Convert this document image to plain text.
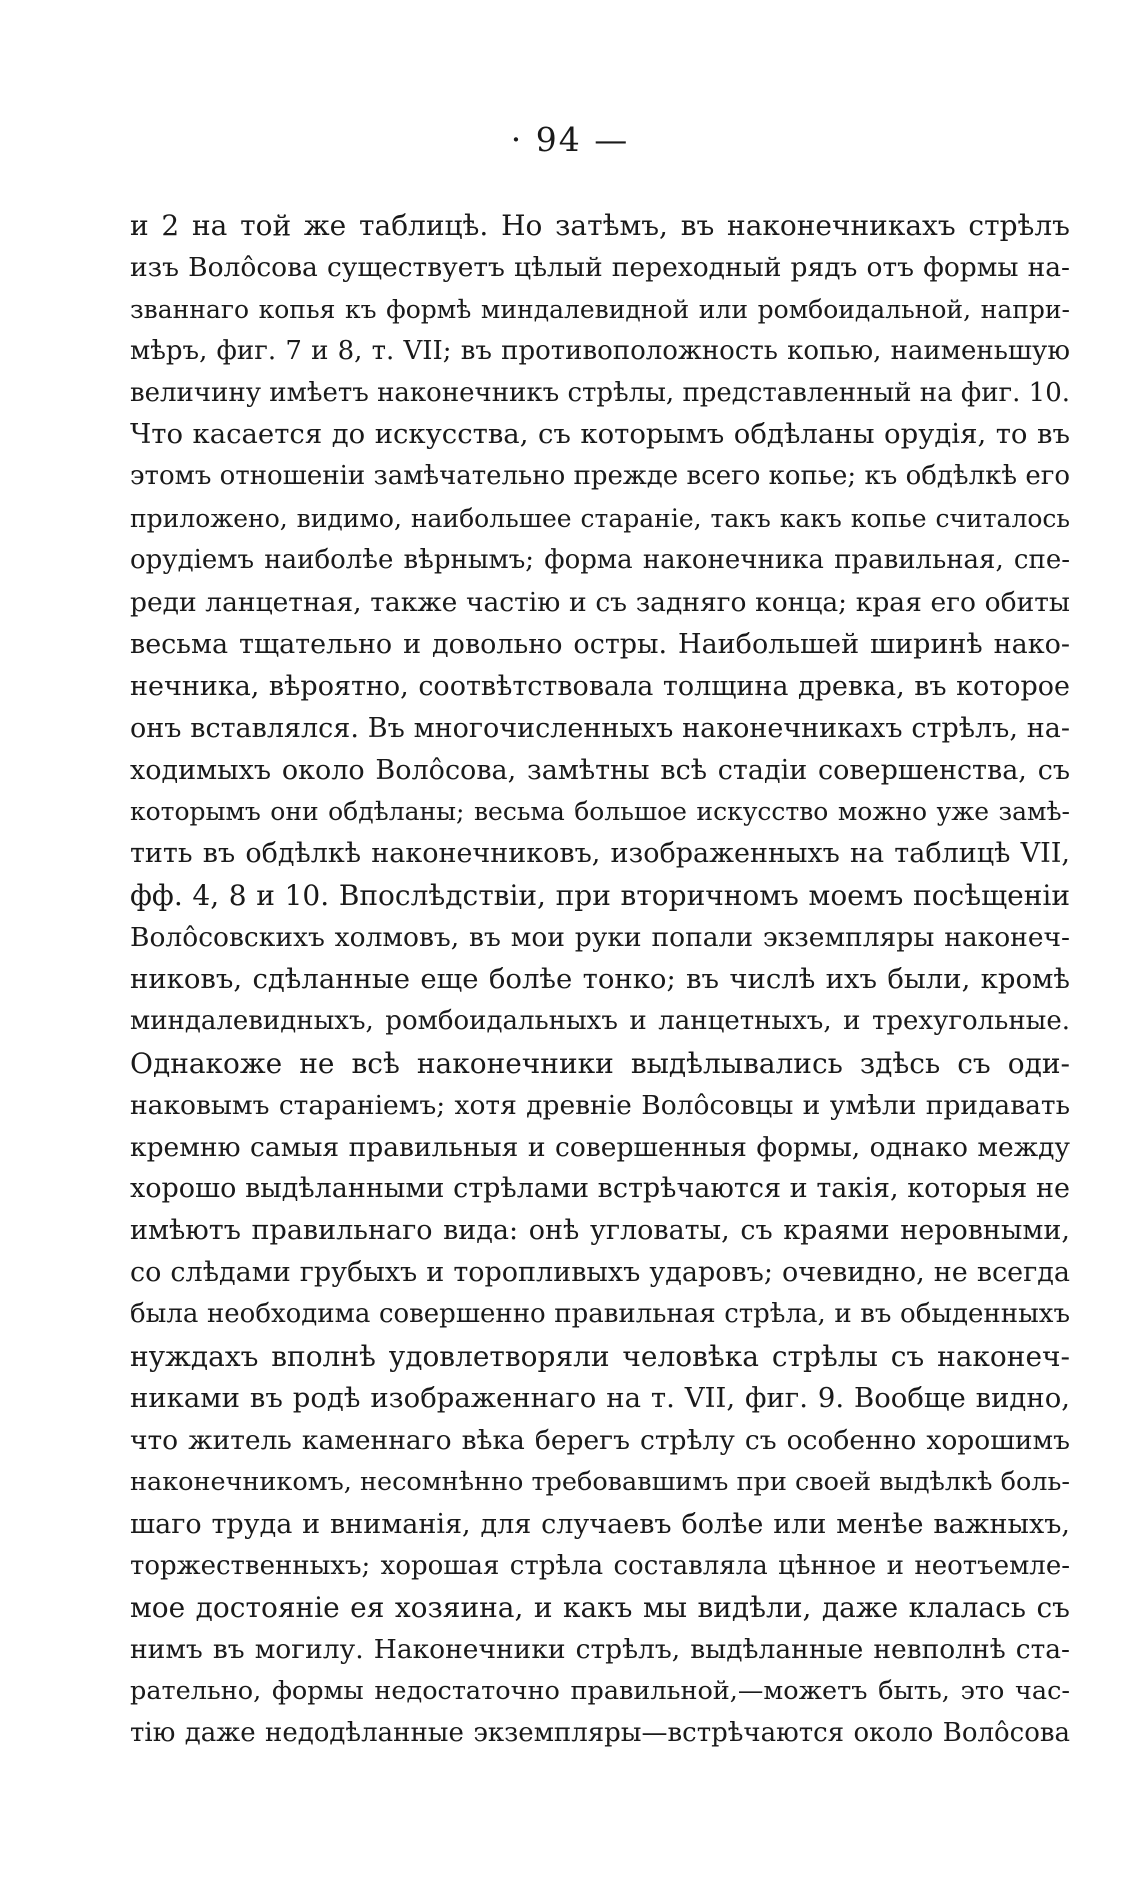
· 94 —
и 2 на той же таблицѣ. Но затѣмъ, въ наконечникахъ стрѣлъ
изъ Волôсова существуетъ цѣлый переходный рядъ отъ формы на-
званнаго копья къ формѣ миндалевидной или ромбоидальной, напри-
мѣръ, фиг. 7 и 8, т. VII; въ противоположность копью, наименьшую
величину имѣетъ наконечникъ стрѣлы, представленный на фиг. 10.
Что касается до искусства, съ которымъ обдѣланы орудія, то въ
этомъ отношеніи замѣчательно прежде всего копье; къ обдѣлкѣ его
приложено, видимо, наибольшее стараніе, такъ какъ копье считалось
орудіемъ наиболѣе вѣрнымъ; форма наконечника правильная, спе-
реди ланцетная, также частію и съ задняго конца; края его обиты
весьма тщательно и довольно остры. Наибольшей ширинѣ нако-
нечника, вѣроятно, соотвѣтствовала толщина древка, въ которое
онъ вставлялся. Въ многочисленныхъ наконечникахъ стрѣлъ, на-
ходимыхъ около Волôсова, замѣтны всѣ стадіи совершенства, съ
которымъ они обдѣланы; весьма большое искусство можно уже замѣ-
тить въ обдѣлкѣ наконечниковъ, изображенныхъ на таблицѣ VII,
фф. 4, 8 и 10. Впослѣдствіи, при вторичномъ моемъ посѣщеніи
Волôсовскихъ холмовъ, въ мои руки попали экземпляры наконеч-
никовъ, сдѣланные еще болѣе тонко; въ числѣ ихъ были, кромѣ
миндалевидныхъ, ромбоидальныхъ и ланцетныхъ, и трехугольные.
Однакоже не всѣ наконечники выдѣлывались здѣсь съ оди-
наковымъ стараніемъ; хотя древніе Волôсовцы и умѣли придавать
кремню самыя правильныя и совершенныя формы, однако между
хорошо выдѣланными стрѣлами встрѣчаются и такія, которыя не
имѣютъ правильнаго вида: онѣ угловаты, съ краями неровными,
со слѣдами грубыхъ и торопливыхъ ударовъ; очевидно, не всегда
была необходима совершенно правильная стрѣла, и въ обыденныхъ
нуждахъ вполнѣ удовлетворяли человѣка стрѣлы съ наконеч-
никами въ родѣ изображеннаго на т. VII, фиг. 9. Вообще видно,
что житель каменнаго вѣка берегъ стрѣлу съ особенно хорошимъ
наконечникомъ, несомнѣнно требовавшимъ при своей выдѣлкѣ боль-
шаго труда и вниманія, для случаевъ болѣе или менѣе важныхъ,
торжественныхъ; хорошая стрѣла составляла цѣнное и неотъемле-
мое достояніе ея хозяина, и какъ мы видѣли, даже клалась съ
нимъ въ могилу. Наконечники стрѣлъ, выдѣланные невполнѣ ста-
рательно, формы недостаточно правильной,—можетъ быть, это час-
тію даже недодѣланные экземпляры—встрѣчаются около Волôсова
